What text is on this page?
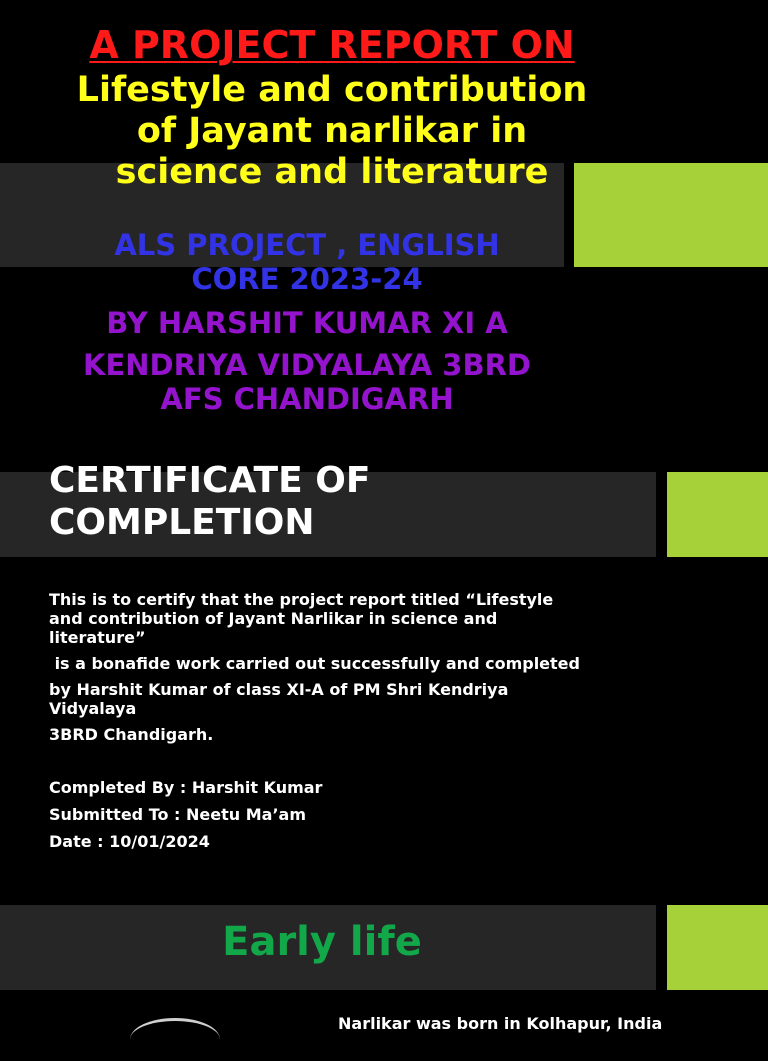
A PROJECT REPORT ON
Lifestyle and contribution
of Jayant narlikar in
science and literature
ALS PROJECT , ENGLISH
CORE 2023-24
BY HARSHIT KUMAR XI A
KENDRIYA VIDYALAYA 3BRD
AFS CHANDIGARH
CERTIFICATE OF
COMPLETION
This is to certify that the project report titled “Lifestyle
and contribution of Jayant Narlikar in science and
literature”
is a bonafide work carried out successfully and completed
by Harshit Kumar of class XI-A of PM Shri Kendriya
Vidyalaya
3BRD Chandigarh.
Completed By : Harshit Kumar
Submitted To : Neetu Ma’am
Date : 10/01/2024
Early life
Narlikar was born in Kolhapur, India
